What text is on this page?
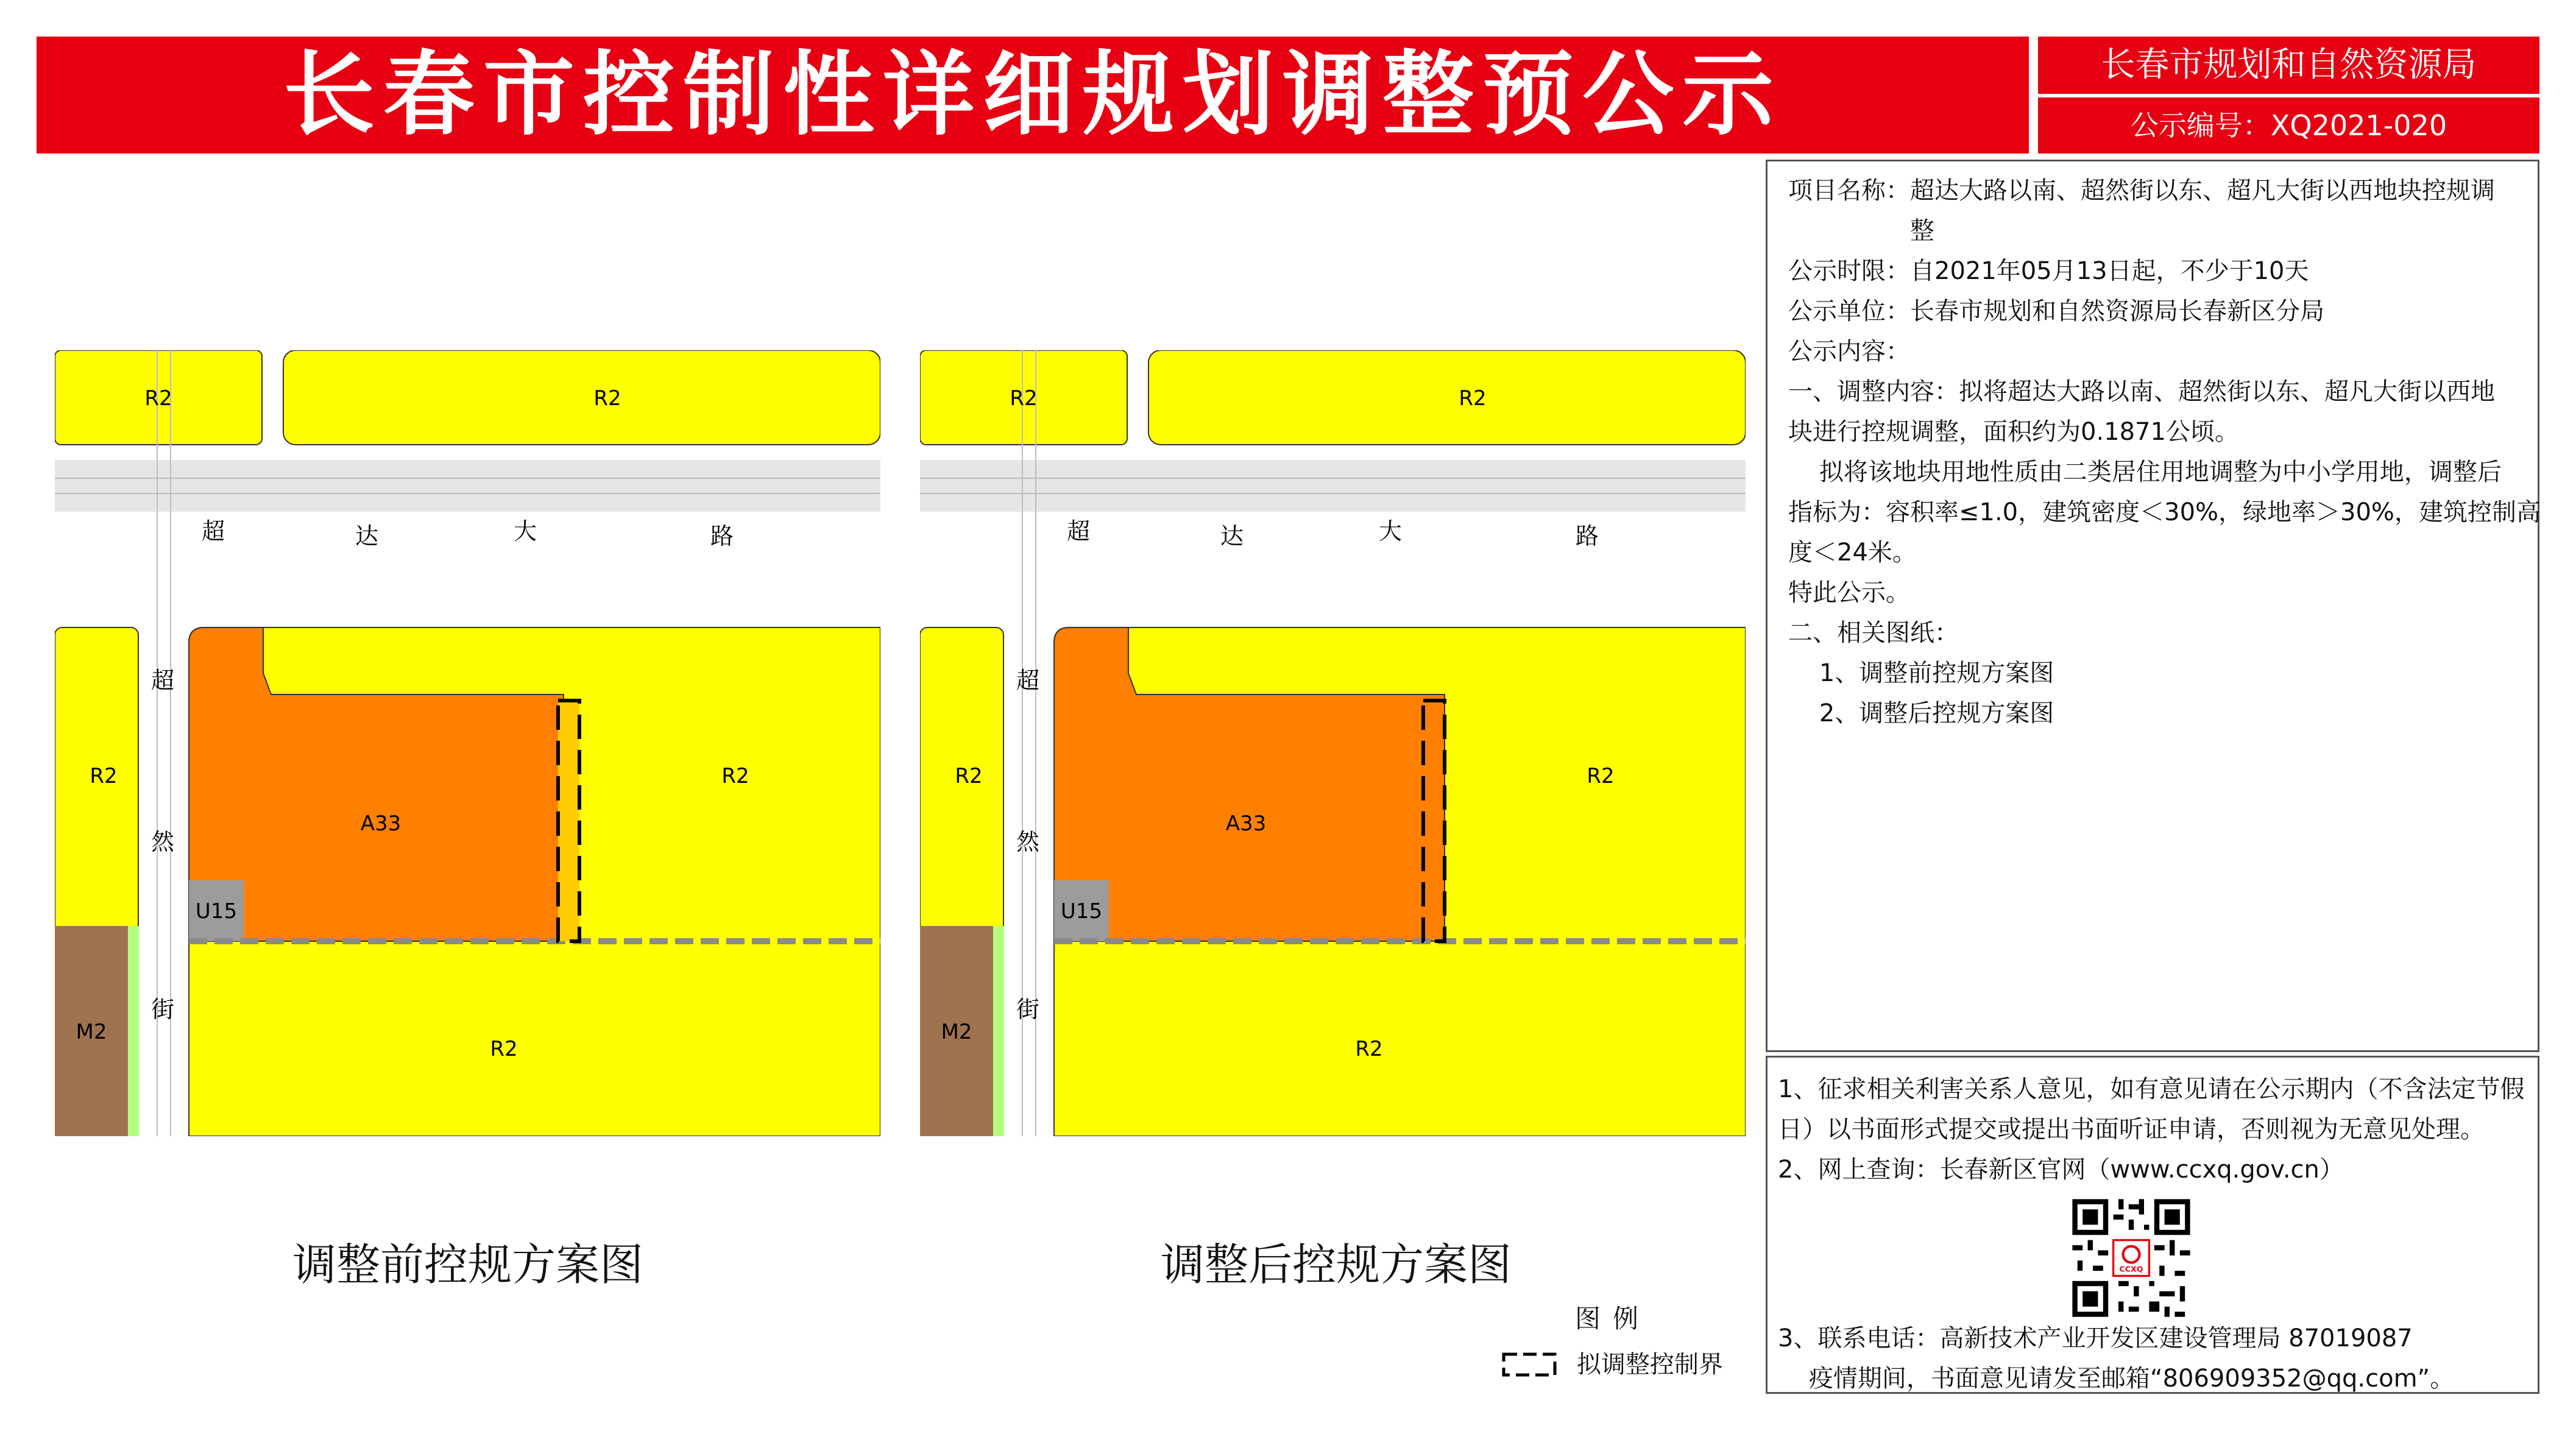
长春市控制性详细规划调整预公示	长春市规划和自然资源局
公示编号：XQ2021-020
项目名称： 超达大路以南、超然街以东、超凡大街以西地块控规调
整
公示时限：自2021年05月13日起，不少于10天
公示单位：长春市规划和自然资源局长春新区分局
公示内容：
一、调整内容：拟将超达大路以南、超然街以东、超凡大街以西地
块进行控规调整，面积约为0.1871公顷。
拟将该地块用地性质由二类居住用地调整为中小学用地，调整后
指标为：容积率≤1.0，建筑密度＜30%，绿地率＞30%，建筑控制高
度＜24米。
特此公示。
二、相关图纸：
1、调整前控规方案图
2、调整后控规方案图
1、征求相关利害关系人意见，如有意见请在公示期内（不含法定节假
日）以书面形式提交或提出书面听证申请，否则视为无意见处理。
2、网上查询：长春新区官网（www.ccxq.gov.cn）
3、联系电话：高新技术产业开发区建设管理局 87019087
疫情期间，书面意见请发至邮箱“806909352@qq.com”。
CCXQ
R2	R2
R2	R2
R2
A33
U15
M2
超	达	大	路
超
然
街
R2	R2
R2	R2
R2
A33
U15
M2
超	达	大	路
超
然
街
调整前控规方案图	调整后控规方案图
图例
拟调整控制界
